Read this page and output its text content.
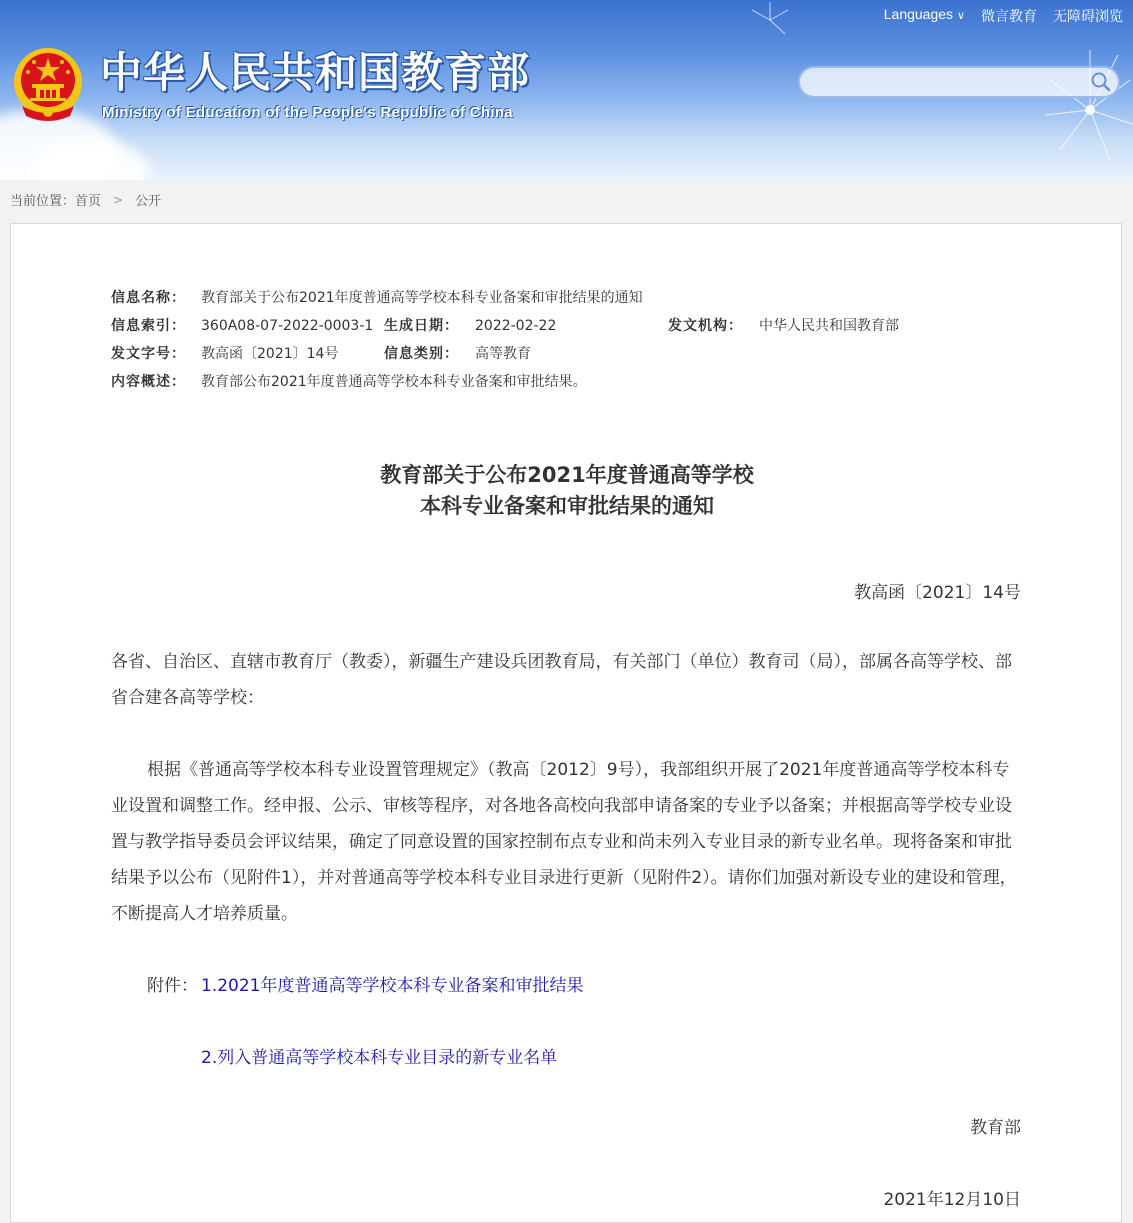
中华人民共和国教育部
Ministry of Education of the People's Republic of China
Languages ∨ 微言教育 无障碍浏览
当前位置： 首页 > 公开
信息名称：	教育部关于公布2021年度普通高等学校本科专业备案和审批结果的通知
信息索引：	360A08-07-2022-0003-1 生成日期：	2022-02-22	发文机构：	中华人民共和国教育部
发文字号：	教高函〔2021〕14号	信息类别：	高等教育
内容概述：	教育部公布2021年度普通高等学校本科专业备案和审批结果。
教育部关于公布2021年度普通高等学校
本科专业备案和审批结果的通知
教高函〔2021〕14号
各省、自治区、直辖市教育厅（教委），新疆生产建设兵团教育局，有关部门（单位）教育司（局），部属各高等学校、部省合建各高等学校：
根据《普通高等学校本科专业设置管理规定》（教高〔2012〕9号），我部组织开展了2021年度普通高等学校本科专业设置和调整工作。经申报、公示、审核等程序，对各地各高校向我部申请备案的专业予以备案；并根据高等学校专业设置与教学指导委员会评议结果，确定了同意设置的国家控制布点专业和尚未列入专业目录的新专业名单。现将备案和审批结果予以公布（见附件1），并对普通高等学校本科专业目录进行更新（见附件2）。请你们加强对新设专业的建设和管理，不断提高人才培养质量。
附件： 1.2021年度普通高等学校本科专业备案和审批结果
2.列入普通高等学校本科专业目录的新专业名单
教育部
2021年12月10日
